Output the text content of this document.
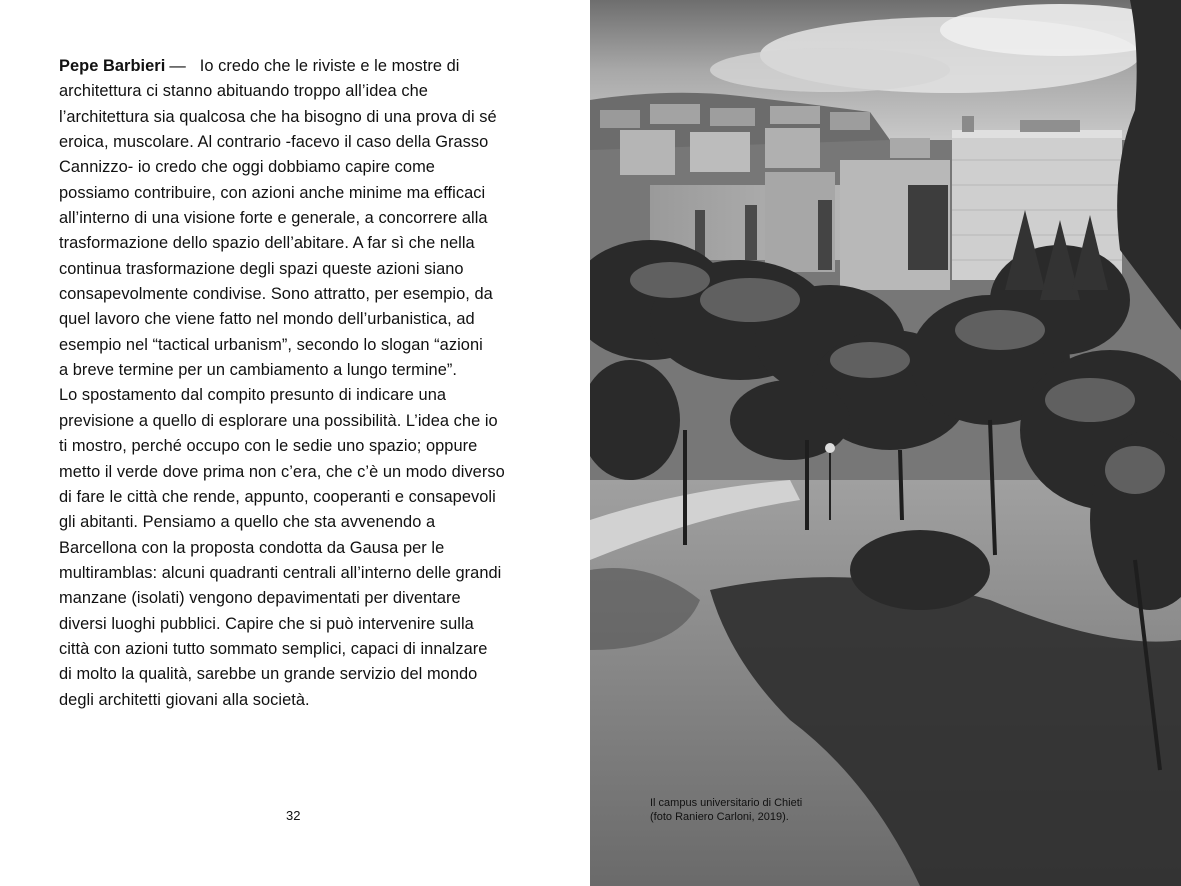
Pepe Barbieri — Io credo che le riviste e le mostre di
architettura ci stanno abituando troppo all’idea che
l’architettura sia qualcosa che ha bisogno di una prova di sé
eroica, muscolare. Al contrario -facevo il caso della Grasso
Cannizzo- io credo che oggi dobbiamo capire come
possiamo contribuire, con azioni anche minime ma efficaci
all’interno di una visione forte e generale, a concorrere alla
trasformazione dello spazio dell’abitare. A far sì che nella
continua trasformazione degli spazi queste azioni siano
consapevolmente condivise. Sono attratto, per esempio, da
quel lavoro che viene fatto nel mondo dell’urbanistica, ad
esempio nel “tactical urbanism”, secondo lo slogan “azioni
a breve termine per un cambiamento a lungo termine”.
Lo spostamento dal compito presunto di indicare una
previsione a quello di esplorare una possibilità. L’idea che io
ti mostro, perché occupo con le sedie uno spazio; oppure
metto il verde dove prima non c’era, che c’è un modo diverso
di fare le città che rende, appunto, cooperanti e consapevoli
gli abitanti. Pensiamo a quello che sta avvenendo a
Barcellona con la proposta condotta da Gausa per le
multiramblas: alcuni quadranti centrali all’interno delle grandi
manzane (isolati) vengono depavimentati per diventare
diversi luoghi pubblici. Capire che si può intervenire sulla
città con azioni tutto sommato semplici, capaci di innalzare
di molto la qualità, sarebbe un grande servizio del mondo
degli architetti giovani alla società.
32
Il campus universitario di Chieti
(foto Raniero Carloni, 2019).
